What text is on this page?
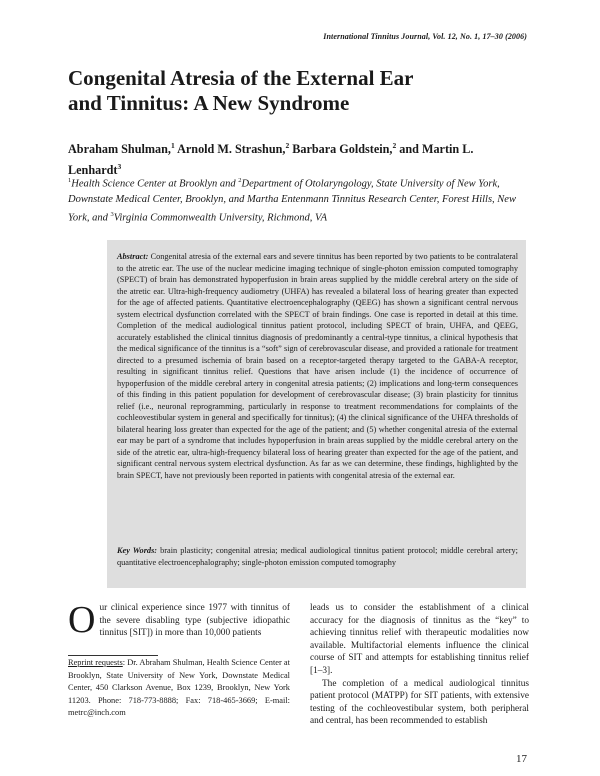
International Tinnitus Journal, Vol. 12, No. 1, 17–30 (2006)
Congenital Atresia of the External Ear
and Tinnitus: A New Syndrome
Abraham Shulman,$^1$ Arnold M. Strashun,$^2$ Barbara Goldstein,$^2$ and Martin L. Lenhardt$^3$
$^1$Health Science Center at Brooklyn and $^2$Department of Otolaryngology, State University of New York, Downstate Medical Center, Brooklyn, and Martha Entenmann Tinnitus Research Center, Forest Hills, New York, and $^3$Virginia Commonwealth University, Richmond, VA
Abstract: Congenital atresia of the external ears and severe tinnitus has been reported by two patients to be contralateral to the atretic ear. The use of the nuclear medicine imaging technique of single-photon emission computed tomography (SPECT) of brain has demonstrated hypoperfusion in brain areas supplied by the middle cerebral artery on the side of the atretic ear. Ultra-high-frequency audiometry (UHFA) has revealed a bilateral loss of hearing greater than expected for the age of affected patients. Quantitative electroencephalography (QEEG) has shown a significant central nervous system electrical dysfunction correlated with the SPECT of brain findings. One case is reported in detail at this time. Completion of the medical audiological tinnitus patient protocol, including SPECT of brain, UHFA, and QEEG, accurately established the clinical tinnitus diagnosis of predominantly a central-type tinnitus, a clinical hypothesis that the medical significance of the tinnitus is a “soft” sign of cerebrovascular disease, and provided a rationale for treatment directed to a presumed ischemia of brain based on a receptor-targeted therapy targeted to the GABA-A receptor, resulting in significant tinnitus relief. Questions that have arisen include (1) the incidence of occurrence of hypoperfusion of the middle cerebral artery in congenital atresia patients; (2) implications and long-term consequences of this finding in this patient population for development of cerebrovascular disease; (3) brain plasticity for tinnitus relief (i.e., neuronal reprogramming, particularly in response to treatment recommendations for complaints of the cochleovestibular system in general and specifically for tinnitus); (4) the clinical significance of the UHFA thresholds of bilateral hearing loss greater than expected for the age of the patient; and (5) whether congenital atresia of the external ear may be part of a syndrome that includes hypoperfusion in brain areas supplied by the middle cerebral artery on the side of the atretic ear, ultra-high-frequency bilateral loss of hearing greater than expected for the age of the patient, and significant central nervous system electrical dysfunction. As far as we can determine, these findings, highlighted by the brain SPECT, have not previously been reported in patients with congenital atresia of the external ear.
Key Words: brain plasticity; congenital atresia; medical audiological tinnitus patient protocol; middle cerebral artery; quantitative electroencephalography; single-photon emission computed tomography
Our clinical experience since 1977 with tinnitus of the severe disabling type (subjective idiopathic tinnitus [SIT]) in more than 10,000 patients
Reprint requests: Dr. Abraham Shulman, Health Science Center at Brooklyn, State University of New York, Downstate Medical Center, 450 Clarkson Avenue, Box 1239, Brooklyn, New York 11203. Phone: 718-773-8888; Fax: 718-465-3669; E-mail: metrc@inch.com

leads us to consider the establishment of a clinical accuracy for the diagnosis of tinnitus as the “key” to achieving tinnitus relief with therapeutic modalities now available. Multifactorial elements influence the clinical course of SIT and attempts for establishing tinnitus relief [1–3].

The completion of a medical audiological tinnitus patient protocol (MATPP) for SIT patients, with extensive testing of the cochleovestibular system, both peripheral and central, has been recommended to establish

17
